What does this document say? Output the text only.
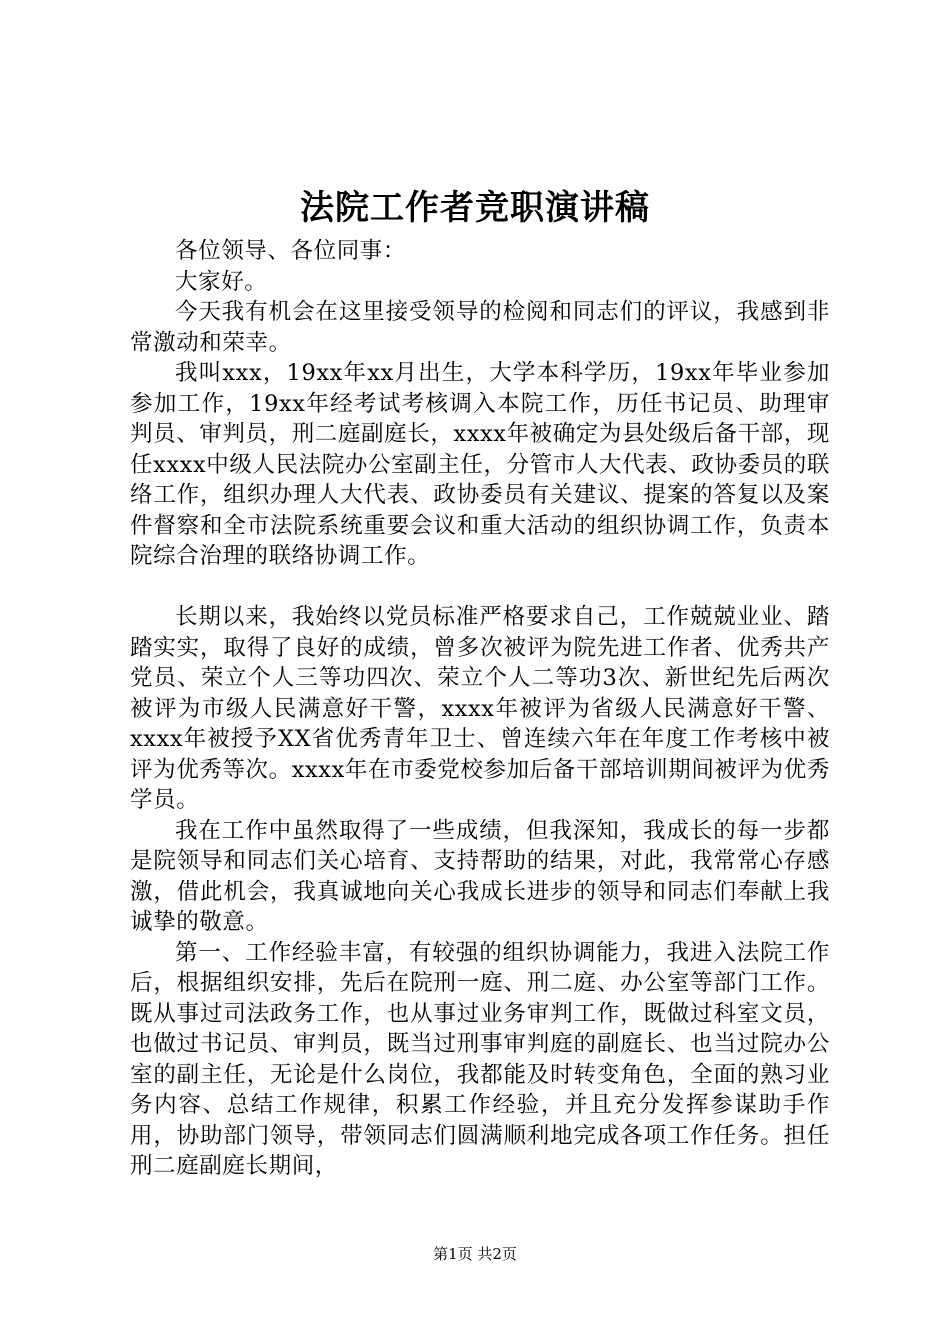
法院工作者竞职演讲稿

各位领导、各位同事：

大家好。

今天我有机会在这里接受领导的检阅和同志们的评议，我感到非常激动和荣幸。

我叫xxx，19xx年xx月出生，大学本科学历，19xx年毕业参加参加工作，19xx年经考试考核调入本院工作，历任书记员、助理审判员、审判员，刑二庭副庭长，xxxx年被确定为县处级后备干部，现任xxxx中级人民法院办公室副主任，分管市人大代表、政协委员的联络工作，组织办理人大代表、政协委员有关建议、提案的答复以及案件督察和全市法院系统重要会议和重大活动的组织协调工作，负责本院综合治理的联络协调工作。

长期以来，我始终以党员标准严格要求自己，工作兢兢业业、踏踏实实，取得了良好的成绩，曾多次被评为院先进工作者、优秀共产党员、荣立个人三等功四次、荣立个人二等功3次、新世纪先后两次被评为市级人民满意好干警，xxxx年被评为省级人民满意好干警、xxxx年被授予XX省优秀青年卫士、曾连续六年在年度工作考核中被评为优秀等次。xxxx年在市委党校参加后备干部培训期间被评为优秀学员。

我在工作中虽然取得了一些成绩，但我深知，我成长的每一步都是院领导和同志们关心培育、支持帮助的结果，对此，我常常心存感激，借此机会，我真诚地向关心我成长进步的领导和同志们奉献上我诚挚的敬意。

第一、工作经验丰富，有较强的组织协调能力，我进入法院工作后，根据组织安排，先后在院刑一庭、刑二庭、办公室等部门工作。既从事过司法政务工作，也从事过业务审判工作，既做过科室文员，也做过书记员、审判员，既当过刑事审判庭的副庭长、也当过院办公室的副主任，无论是什么岗位，我都能及时转变角色，全面的熟习业务内容、总结工作规律，积累工作经验，并且充分发挥参谋助手作用，协助部门领导，带领同志们圆满顺利地完成各项工作任务。担任刑二庭副庭长期间，

第1页 共2页
